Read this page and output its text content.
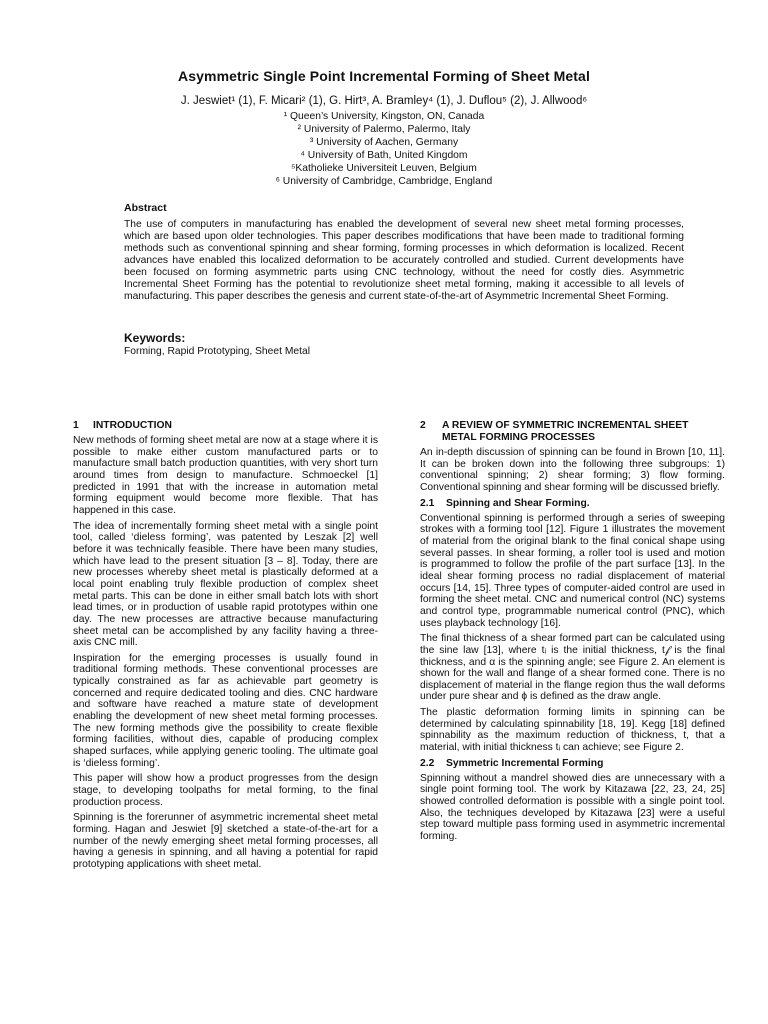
Asymmetric Single Point Incremental Forming of Sheet Metal
J. Jeswiet¹ (1), F. Micari² (1), G. Hirt³, A. Bramley⁴ (1), J. Duflou⁵ (2), J. Allwood⁶
¹ Queen’s University, Kingston, ON, Canada
² University of Palermo, Palermo, Italy
³ University of Aachen, Germany
⁴ University of Bath, United Kingdom
⁵Katholieke Universiteit Leuven, Belgium
⁶ University of Cambridge, Cambridge, England
Abstract

The use of computers in manufacturing has enabled the development of several new sheet metal forming processes, which are based upon older technologies. This paper describes modifications that have been made to traditional forming methods such as conventional spinning and shear forming, forming processes in which deformation is localized. Recent advances have enabled this localized deformation to be accurately controlled and studied. Current developments have been focused on forming asymmetric parts using CNC technology, without the need for costly dies. Asymmetric Incremental Sheet Forming has the potential to revolutionize sheet metal forming, making it accessible to all levels of manufacturing. This paper describes the genesis and current state-of-the-art of Asymmetric Incremental Sheet Forming.

Keywords:

Forming, Rapid Prototyping, Sheet Metal

1 INTRODUCTION

New methods of forming sheet metal are now at a stage where it is possible to make either custom manufactured parts or to manufacture small batch production quantities, with very short turn around times from design to manufacture. Schmoeckel [1] predicted in 1991 that with the increase in automation metal forming equipment would become more flexible. That has happened in this case.

The idea of incrementally forming sheet metal with a single point tool, called ‘dieless forming’, was patented by Leszak [2] well before it was technically feasible. There have been many studies, which have lead to the present situation [3 – 8]. Today, there are new processes whereby sheet metal is plastically deformed at a local point enabling truly flexible production of complex sheet metal parts. This can be done in either small batch lots with short lead times, or in production of usable rapid prototypes within one day. The new processes are attractive because manufacturing sheet metal can be accomplished by any facility having a three-axis CNC mill.

Inspiration for the emerging processes is usually found in traditional forming methods. These conventional processes are typically constrained as far as achievable part geometry is concerned and require dedicated tooling and dies. CNC hardware and software have reached a mature state of development enabling the development of new sheet metal forming processes. The new forming methods give the possibility to create flexible forming facilities, without dies, capable of producing complex shaped surfaces, while applying generic tooling. The ultimate goal is ‘dieless forming’.

This paper will show how a product progresses from the design stage, to developing toolpaths for metal forming, to the final production process.

Spinning is the forerunner of asymmetric incremental sheet metal forming. Hagan and Jeswiet [9] sketched a state-of-the-art for a number of the newly emerging sheet metal forming processes, all having a genesis in spinning, and all having a potential for rapid prototyping applications with sheet metal.

2	A REVIEW OF SYMMETRIC INCREMENTAL SHEET METAL FORMING PROCESSES

An in-depth discussion of spinning can be found in Brown [10, 11]. It can be broken down into the following three subgroups: 1) conventional spinning; 2) shear forming; 3) flow forming. Conventional spinning and shear forming will be discussed briefly.

2.1 Spinning and Shear Forming.

Conventional spinning is performed through a series of sweeping strokes with a forming tool [12]. Figure 1 illustrates the movement of material from the original blank to the final conical shape using several passes. In shear forming, a roller tool is used and motion is programmed to follow the profile of the part surface [13]. In the ideal shear forming process no radial displacement of material occurs [14, 15]. Three types of computer-aided control are used in forming the sheet metal. CNC and numerical control (NC) systems and control type, programmable numerical control (PNC), which uses playback technology [16].

The final thickness of a shear formed part can be calculated using the sine law [13], where tᵢ is the initial thickness, t𝒻 is the final thickness, and α is the spinning angle; see Figure 2. An element is shown for the wall and flange of a shear formed cone. There is no displacement of material in the flange region thus the wall deforms under pure shear and ϕ is defined as the draw angle.

The plastic deformation forming limits in spinning can be determined by calculating spinnability [18, 19]. Kegg [18] defined spinnability as the maximum reduction of thickness, t, that a material, with initial thickness tᵢ can achieve; see Figure 2.

2.2 Symmetric Incremental Forming

Spinning without a mandrel showed dies are unnecessary with a single point forming tool. The work by Kitazawa [22, 23, 24, 25] showed controlled deformation is possible with a single point tool. Also, the techniques developed by Kitazawa [23] were a useful step toward multiple pass forming used in asymmetric incremental forming.
